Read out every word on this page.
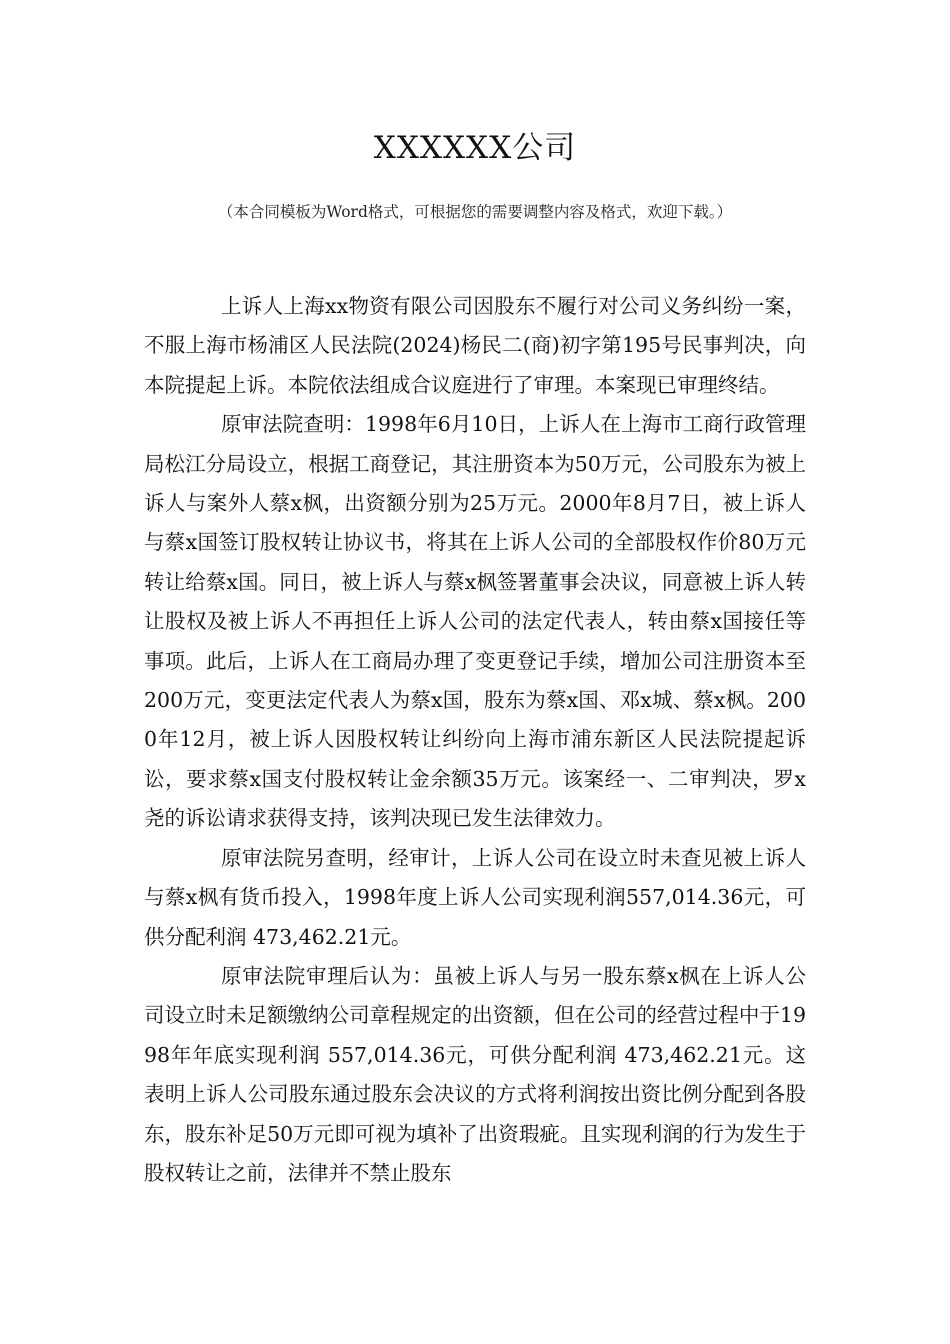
XXXXXX公司
（本合同模板为Word格式，可根据您的需要调整内容及格式，欢迎下载。）

上诉人上海xx物资有限公司因股东不履行对公司义务纠纷一案，不服上海市杨浦区人民法院(2024)杨民二(商)初字第195号民事判决，向本院提起上诉。本院依法组成合议庭进行了审理。本案现已审理终结。

原审法院查明：1998年6月10日，上诉人在上海市工商行政管理局松江分局设立，根据工商登记，其注册资本为50万元，公司股东为被上诉人与案外人蔡x枫，出资额分别为25万元。2000年8月7日，被上诉人与蔡x国签订股权转让协议书，将其在上诉人公司的全部股权作价80万元转让给蔡x国。同日，被上诉人与蔡x枫签署董事会决议，同意被上诉人转让股权及被上诉人不再担任上诉人公司的法定代表人，转由蔡x国接任等事项。此后，上诉人在工商局办理了变更登记手续，增加公司注册资本至200万元，变更法定代表人为蔡x国，股东为蔡x国、邓x城、蔡x枫。2000年12月，被上诉人因股权转让纠纷向上海市浦东新区人民法院提起诉讼，要求蔡x国支付股权转让金余额35万元。该案经一、二审判决，罗x尧的诉讼请求获得支持，该判决现已发生法律效力。

原审法院另查明，经审计，上诉人公司在设立时未查见被上诉人与蔡x枫有货币投入，1998年度上诉人公司实现利润557,014.36元，可供分配利润 473,462.21元。

原审法院审理后认为：虽被上诉人与另一股东蔡x枫在上诉人公司设立时未足额缴纳公司章程规定的出资额，但在公司的经营过程中于1998年年底实现利润 557,014.36元，可供分配利润 473,462.21元。这表明上诉人公司股东通过股东会决议的方式将利润按出资比例分配到各股东，股东补足50万元即可视为填补了出资瑕疵。且实现利润的行为发生于股权转让之前，法律并不禁止股东
